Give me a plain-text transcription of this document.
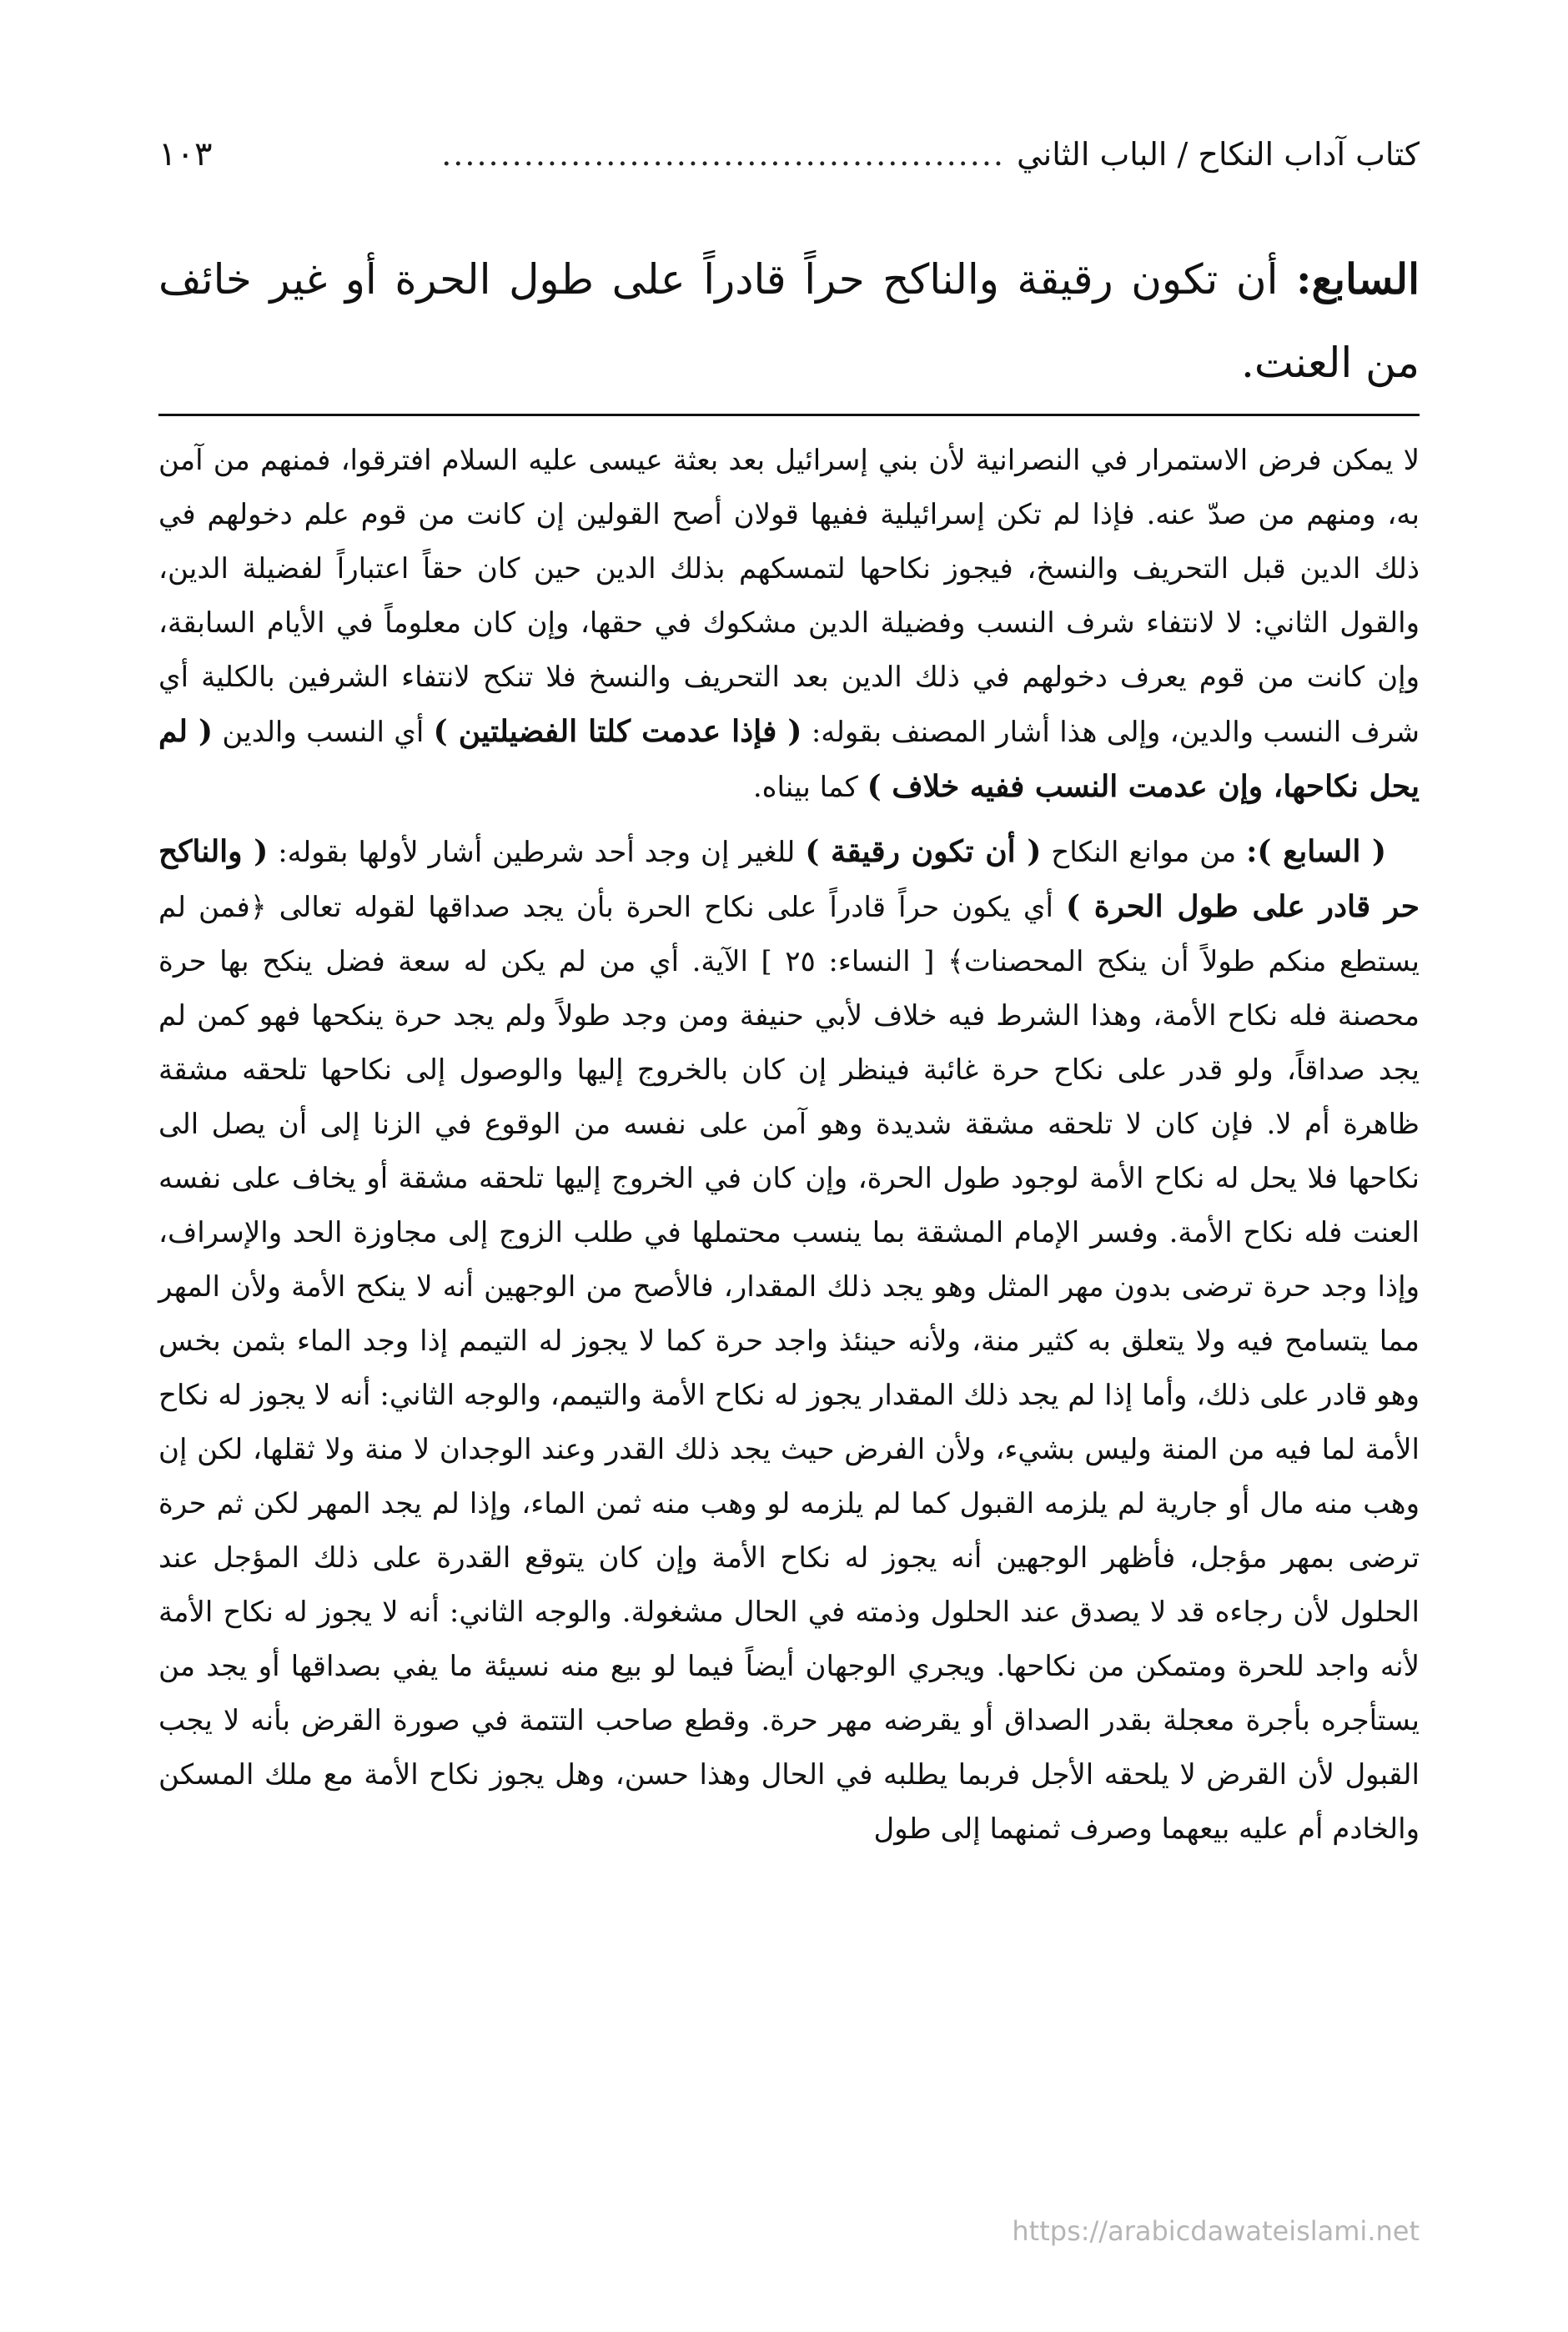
كتاب آداب النكاح / الباب الثاني
................................................
١٠٣
السابع: أن تكون رقيقة والناكح حراً قادراً على طول الحرة أو غير خائف من العنت.

لا يمكن فرض الاستمرار في النصرانية لأن بني إسرائيل بعد بعثة عيسى عليه السلام افترقوا، فمنهم من آمن به، ومنهم من صدّ عنه. فإذا لم تكن إسرائيلية ففيها قولان أصح القولين إن كانت من قوم علم دخولهم في ذلك الدين قبل التحريف والنسخ، فيجوز نكاحها لتمسكهم بذلك الدين حين كان حقاً اعتباراً لفضيلة الدين، والقول الثاني: لا لانتفاء شرف النسب وفضيلة الدين مشكوك في حقها، وإن كان معلوماً في الأيام السابقة، وإن كانت من قوم يعرف دخولهم في ذلك الدين بعد التحريف والنسخ فلا تنكح لانتفاء الشرفين بالكلية أي شرف النسب والدين، وإلى هذا أشار المصنف بقوله: ( فإذا عدمت كلتا الفضيلتين ) أي النسب والدين ( لم يحل نكاحها، وإن عدمت النسب ففيه خلاف ) كما بيناه.

( السابع ): من موانع النكاح ( أن تكون رقيقة ) للغير إن وجد أحد شرطين أشار لأولها بقوله: ( والناكح حر قادر على طول الحرة ) أي يكون حراً قادراً على نكاح الحرة بأن يجد صداقها لقوله تعالى ﴿فمن لم يستطع منكم طولاً أن ينكح المحصنات﴾ [ النساء: ٢٥ ] الآية. أي من لم يكن له سعة فضل ينكح بها حرة محصنة فله نكاح الأمة، وهذا الشرط فيه خلاف لأبي حنيفة ومن وجد طولاً ولم يجد حرة ينكحها فهو كمن لم يجد صداقاً، ولو قدر على نكاح حرة غائبة فينظر إن كان بالخروج إليها والوصول إلى نكاحها تلحقه مشقة ظاهرة أم لا. فإن كان لا تلحقه مشقة شديدة وهو آمن على نفسه من الوقوع في الزنا إلى أن يصل الى نكاحها فلا يحل له نكاح الأمة لوجود طول الحرة، وإن كان في الخروج إليها تلحقه مشقة أو يخاف على نفسه العنت فله نكاح الأمة. وفسر الإمام المشقة بما ينسب محتملها في طلب الزوج إلى مجاوزة الحد والإسراف، وإذا وجد حرة ترضى بدون مهر المثل وهو يجد ذلك المقدار، فالأصح من الوجهين أنه لا ينكح الأمة ولأن المهر مما يتسامح فيه ولا يتعلق به كثير منة، ولأنه حينئذ واجد حرة كما لا يجوز له التيمم إذا وجد الماء بثمن بخس وهو قادر على ذلك، وأما إذا لم يجد ذلك المقدار يجوز له نكاح الأمة والتيمم، والوجه الثاني: أنه لا يجوز له نكاح الأمة لما فيه من المنة وليس بشيء، ولأن الفرض حيث يجد ذلك القدر وعند الوجدان لا منة ولا ثقلها، لكن إن وهب منه مال أو جارية لم يلزمه القبول كما لم يلزمه لو وهب منه ثمن الماء، وإذا لم يجد المهر لكن ثم حرة ترضى بمهر مؤجل، فأظهر الوجهين أنه يجوز له نكاح الأمة وإن كان يتوقع القدرة على ذلك المؤجل عند الحلول لأن رجاءه قد لا يصدق عند الحلول وذمته في الحال مشغولة. والوجه الثاني: أنه لا يجوز له نكاح الأمة لأنه واجد للحرة ومتمكن من نكاحها. ويجري الوجهان أيضاً فيما لو بيع منه نسيئة ما يفي بصداقها أو يجد من يستأجره بأجرة معجلة بقدر الصداق أو يقرضه مهر حرة. وقطع صاحب التتمة في صورة القرض بأنه لا يجب القبول لأن القرض لا يلحقه الأجل فربما يطلبه في الحال وهذا حسن، وهل يجوز نكاح الأمة مع ملك المسكن والخادم أم عليه بيعهما وصرف ثمنهما إلى طول

https://arabicdawateislami.net
